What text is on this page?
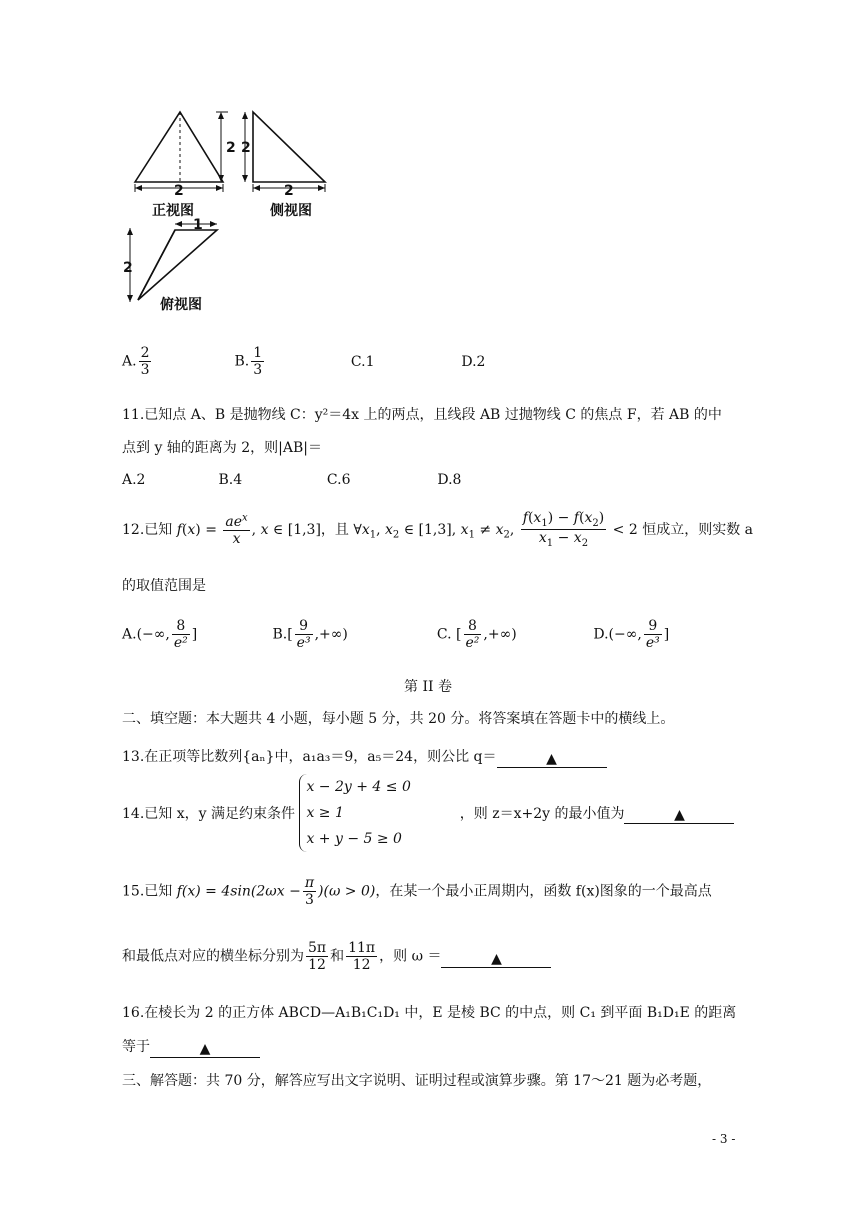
2
2
2
2
2
1
正视图	侧视图
俯视图
A. $\frac{2}{3}$	B. $\frac{1}{3}$	C.1	D.2
11.已知点 A、B 是抛物线 C：y²＝4x 上的两点，且线段 AB 过抛物线 C 的焦点 F，若 AB 的中
点到 y 轴的距离为 2，则|AB|＝
A.2	B.4	C.6	D.8
12.已知 $f(x) = \frac{ae^x}{x}$ , x ∈ [1,3]，且 $\forall x_1$, $x_2$ ∈ [1,3], $x_1 \ne x_2$, $\frac{f(x_1) - f(x_2)}{x_1 - x_2} < 2$ 恒成立，则实数 a
的取值范围是
A.(−∞, $\frac{8}{\text{e²}}$ ]	$B.[ \frac{9}{\text{e³}}$ ,+∞)	C. [ $\frac{8}{\text{e²}}$ ,+∞)	D.(−∞, $\frac{9}{\text{e³}}$ ]
第 II 卷
二、填空题：本大题共 4 小题，每小题 5 分，共 20 分。将答案填在答题卡中的横线上。
13.在正项等比数列{aₙ}中，a₁a₃＝9，a₅＝24，则公比 q＝	▲
14.已知 x，y 满足约束条件
x − 2y + 4 ≤ 0
x ≥ 1
x + y − 5 ≥ 0
，则 z＝x+2y 的最小值为	▲
15.已知 $f(x) = 4\sin(2\omega x - \frac{\pi}{3} )(\omega > 0)$，在某一个最小正周期内，函数 f(x)图象的一个最高点
和最低点对应的横坐标分别为 $\frac{5\pi}{12}$ 和 $\frac{11\pi}{12}$ ，则 ω ＝	▲
16.在棱长为 2 的正方体 ABCD—A₁B₁C₁D₁ 中，E 是棱 BC 的中点，则 C₁ 到平面 B₁D₁E 的距离
等于	▲
三、解答题：共 70 分，解答应写出文字说明、证明过程或演算步骤。第 17～21 题为必考题，
- 3 -
